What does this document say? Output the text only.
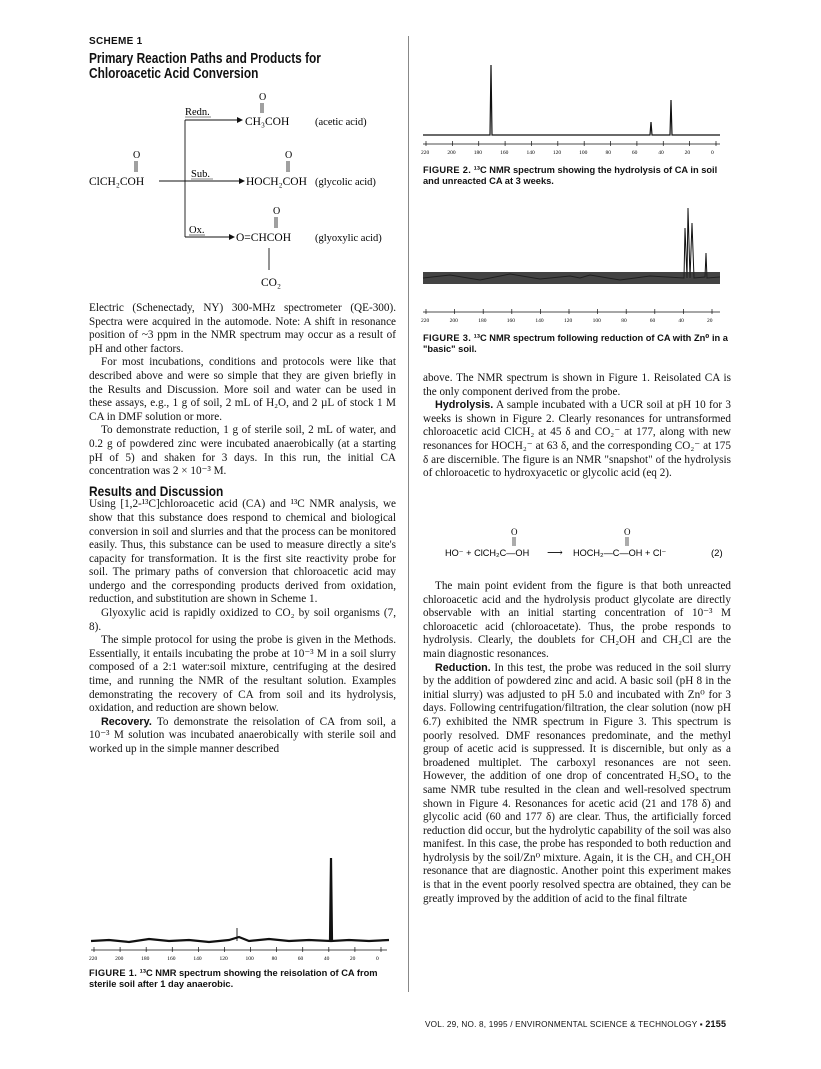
SCHEME 1
Primary Reaction Paths and Products for Chloroacetic Acid Conversion
O
ClCH₂COH
Redn.
Sub.
Ox.
O
CH₃COH (acetic acid)
O
HOCH₂COH (glycolic acid)
O
O=CHCOH (glyoxylic acid)
CO₂

Electric (Schenectady, NY) 300-MHz spectrometer (QE-300). Spectra were acquired in the automode. Note: A shift in resonance position of ~3 ppm in the NMR spectrum may occur as a result of pH and other factors.

For most incubations, conditions and protocols were like that described above and were so simple that they are given briefly in the Results and Discussion. More soil and water can be used in these assays, e.g., 1 g of soil, 2 mL of H₂O, and 2 µL of stock 1 M CA in DMF solution or more.

To demonstrate reduction, 1 g of sterile soil, 2 mL of water, and 0.2 g of powdered zinc were incubated anaerobically (at a starting pH of 5) and shaken for 3 days. In this run, the initial CA concentration was 2 × 10⁻³ M.

Results and Discussion

Using [1,2-¹³C]chloroacetic acid (CA) and ¹³C NMR analysis, we show that this substance does respond to chemical and biological conversion in soil and slurries and that the process can be monitored easily. Thus, this substance can be used to measure directly a site's capacity for transformation. It is the first site reactivity probe for soil. The primary paths of conversion that chloroacetic acid may undergo and the corresponding products derived from oxidation, reduction, and substitution are shown in Scheme 1.

Glyoxylic acid is rapidly oxidized to CO₂ by soil organisms (7, 8).

The simple protocol for using the probe is given in the Methods. Essentially, it entails incubating the probe at 10⁻³ M in a soil slurry composed of a 2:1 water:soil mixture, centrifuging at the desired time, and running the NMR of the resultant solution. Examples demonstrating the recovery of CA from soil and its hydrolysis, oxidation, and reduction are shown below.

Recovery. To demonstrate the reisolation of CA from soil, a 10⁻³ M solution was incubated anaerobically with sterile soil and worked up in the simple manner described

220	200	180	160	140	120	100	80	60	40	20	0
FIGURE 1. ¹³C NMR spectrum showing the reisolation of CA from sterile soil after 1 day anaerobic.
220	200	180	160	140	120	100	80	60	40	20	0
FIGURE 2. ¹³C NMR spectrum showing the hydrolysis of CA in soil and unreacted CA at 3 weeks.
220	200	180	160	140	120	100	80	60	40	20
FIGURE 3. ¹³C NMR spectrum following reduction of CA with Zn⁰ in a "basic" soil.

above. The NMR spectrum is shown in Figure 1. Reisolated CA is the only component derived from the probe.

Hydrolysis. A sample incubated with a UCR soil at pH 10 for 3 weeks is shown in Figure 2. Clearly resonances for untransformed chloroacetic acid ClCH₂ at 45 δ and CO₂⁻ at 177, along with new resonances for HOCH₂⁻ at 63 δ, and the corresponding CO₂⁻ at 175 δ are discernible. The figure is an NMR "snapshot" of the hydrolysis of chloroacetic to hydroxyacetic or glycolic acid (eq 2).

O
HO⁻ + ClCH₂C—OH ⟶
O
HOCH₂—C—OH + Cl⁻	(2)

The main point evident from the figure is that both unreacted chloroacetic acid and the hydrolysis product glycolate are directly observable with an initial starting concentration of 10⁻³ M chloroacetic acid (chloroacetate). Thus, the probe responds to hydrolysis. Clearly, the doublets for CH₂OH and CH₂Cl are the main diagnostic resonances.

Reduction. In this test, the probe was reduced in the soil slurry by the addition of powdered zinc and acid. A basic soil (pH 8 in the initial slurry) was adjusted to pH 5.0 and incubated with Zn⁰ for 3 days. Following centrifugation/filtration, the clear solution (now pH 6.7) exhibited the NMR spectrum in Figure 3. This spectrum is poorly resolved. DMF resonances predominate, and the methyl group of acetic acid is suppressed. It is discernible, but only as a broadened multiplet. The carboxyl resonances are not seen. However, the addition of one drop of concentrated H₂SO₄ to the same NMR tube resulted in the clean and well-resolved spectrum shown in Figure 4. Resonances for acetic acid (21 and 178 δ) and glycolic acid (60 and 177 δ) are clear. Thus, the artificially forced reduction did occur, but the hydrolytic capability of the soil was also manifest. In this case, the probe has responded to both reduction and hydrolysis by the soil/Zn⁰ mixture. Again, it is the CH₃ and CH₂OH resonance that are diagnostic. Another point this experiment makes is that in the event poorly resolved spectra are obtained, they can be greatly improved by the addition of acid to the final filtrate

VOL. 29, NO. 8, 1995 / ENVIRONMENTAL SCIENCE & TECHNOLOGY ▪ 2155
